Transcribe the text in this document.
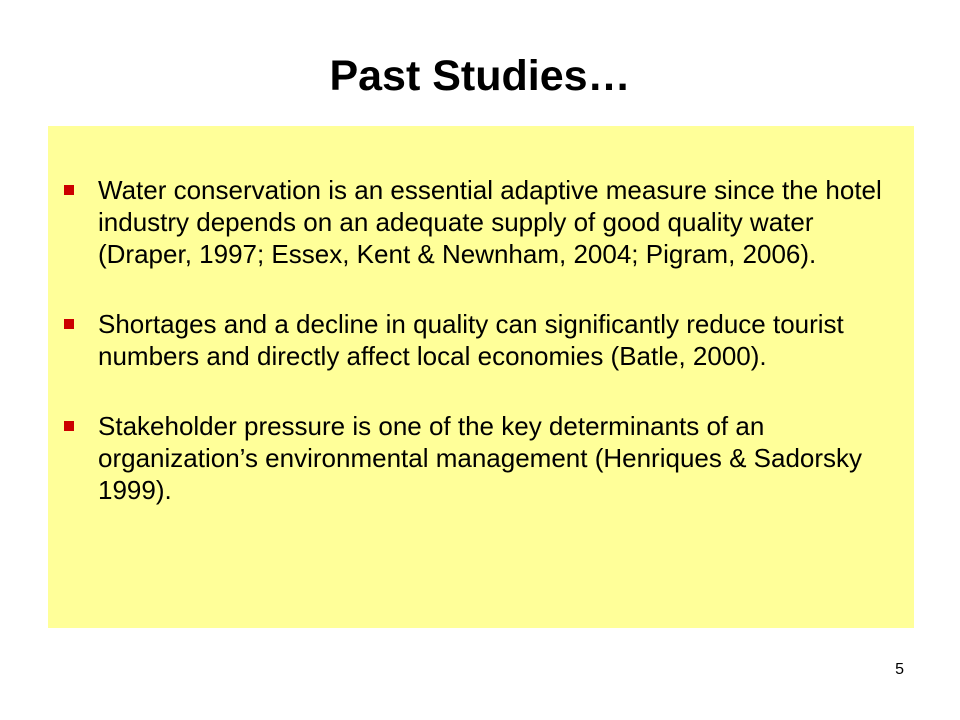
Past Studies…
Water conservation is an essential adaptive measure since the hotel industry depends on an adequate supply of good quality water (Draper, 1997; Essex, Kent & Newnham, 2004; Pigram, 2006).
Shortages and a decline in quality can significantly reduce tourist numbers and directly affect local economies (Batle, 2000).
Stakeholder pressure is one of the key determinants of an organization’s environmental management (Henriques & Sadorsky 1999).
5
